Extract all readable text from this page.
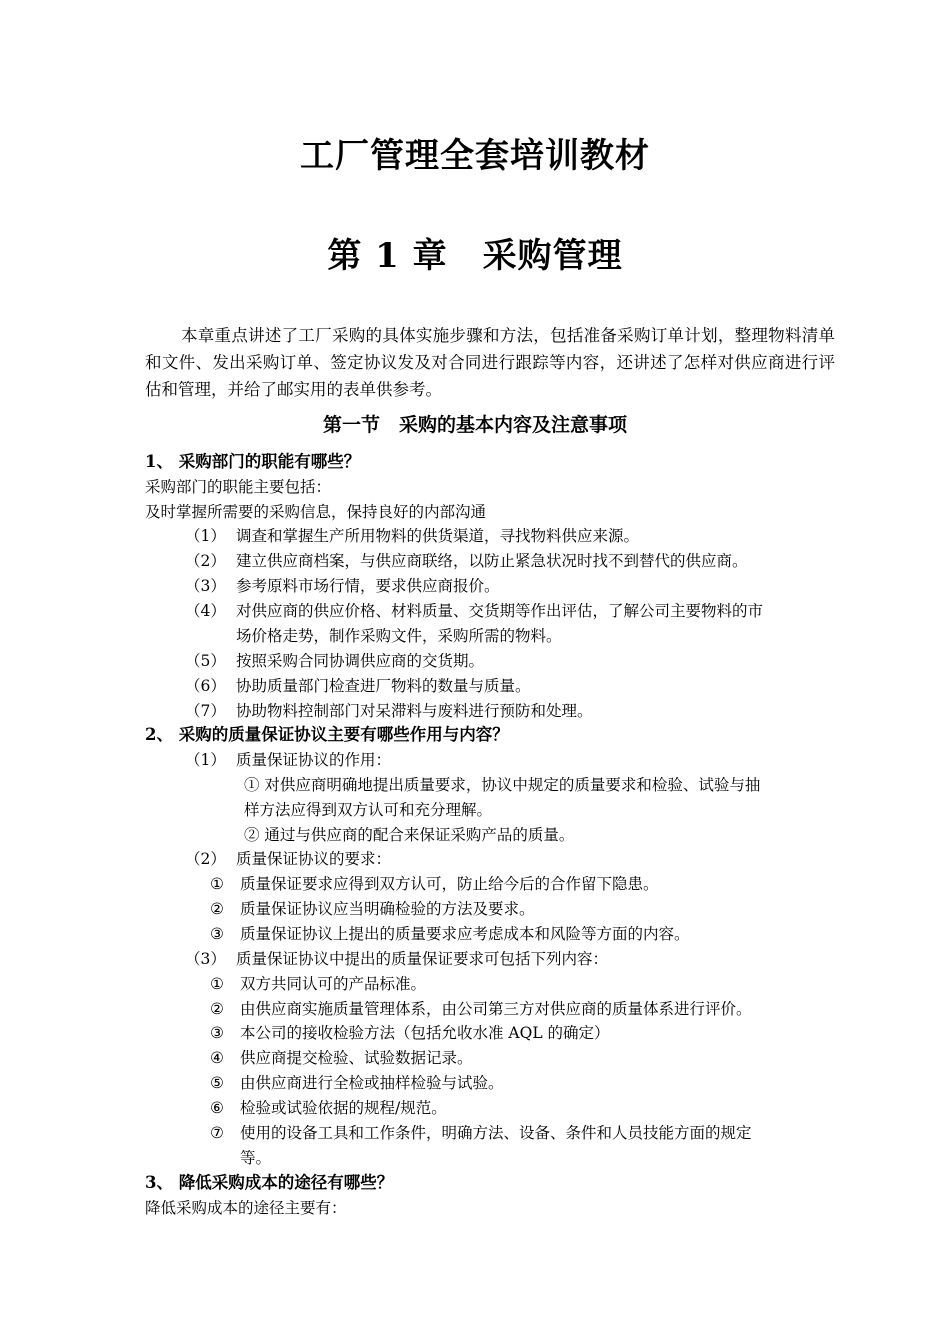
工厂管理全套培训教材
第 1 章　采购管理
本章重点讲述了工厂采购的具体实施步骤和方法，包括准备采购订单计划，整理物料清单和文件、发出采购订单、签定协议发及对合同进行跟踪等内容，还讲述了怎样对供应商进行评估和管理，并给了邮实用的表单供参考。
第一节　采购的基本内容及注意事项
1、 采购部门的职能有哪些？
采购部门的职能主要包括：
及时掌握所需要的采购信息，保持良好的内部沟通
（1） 调查和掌握生产所用物料的供货渠道，寻找物料供应来源。
（2） 建立供应商档案，与供应商联络，以防止紧急状况时找不到替代的供应商。
（3） 参考原料市场行情，要求供应商报价。
（4） 对供应商的供应价格、材料质量、交货期等作出评估，了解公司主要物料的市
场价格走势，制作采购文件，采购所需的物料。
（5） 按照采购合同协调供应商的交货期。
（6） 协助质量部门检查进厂物料的数量与质量。
（7） 协助物料控制部门对呆滞料与废料进行预防和处理。
2、 采购的质量保证协议主要有哪些作用与内容？
（1） 质量保证协议的作用：
① 对供应商明确地提出质量要求，协议中规定的质量要求和检验、试验与抽
样方法应得到双方认可和充分理解。
② 通过与供应商的配合来保证采购产品的质量。
（2） 质量保证协议的要求：
① 质量保证要求应得到双方认可，防止给今后的合作留下隐患。
② 质量保证协议应当明确检验的方法及要求。
③ 质量保证协议上提出的质量要求应考虑成本和风险等方面的内容。
（3） 质量保证协议中提出的质量保证要求可包括下列内容：
① 双方共同认可的产品标准。
② 由供应商实施质量管理体系，由公司第三方对供应商的质量体系进行评价。
③ 本公司的接收检验方法（包括允收水准 AQL 的确定）
④ 供应商提交检验、试验数据记录。
⑤ 由供应商进行全检或抽样检验与试验。
⑥ 检验或试验依据的规程/规范。
⑦ 使用的设备工具和工作条件，明确方法、设备、条件和人员技能方面的规定
等。
3、 降低采购成本的途径有哪些？
降低采购成本的途径主要有：
